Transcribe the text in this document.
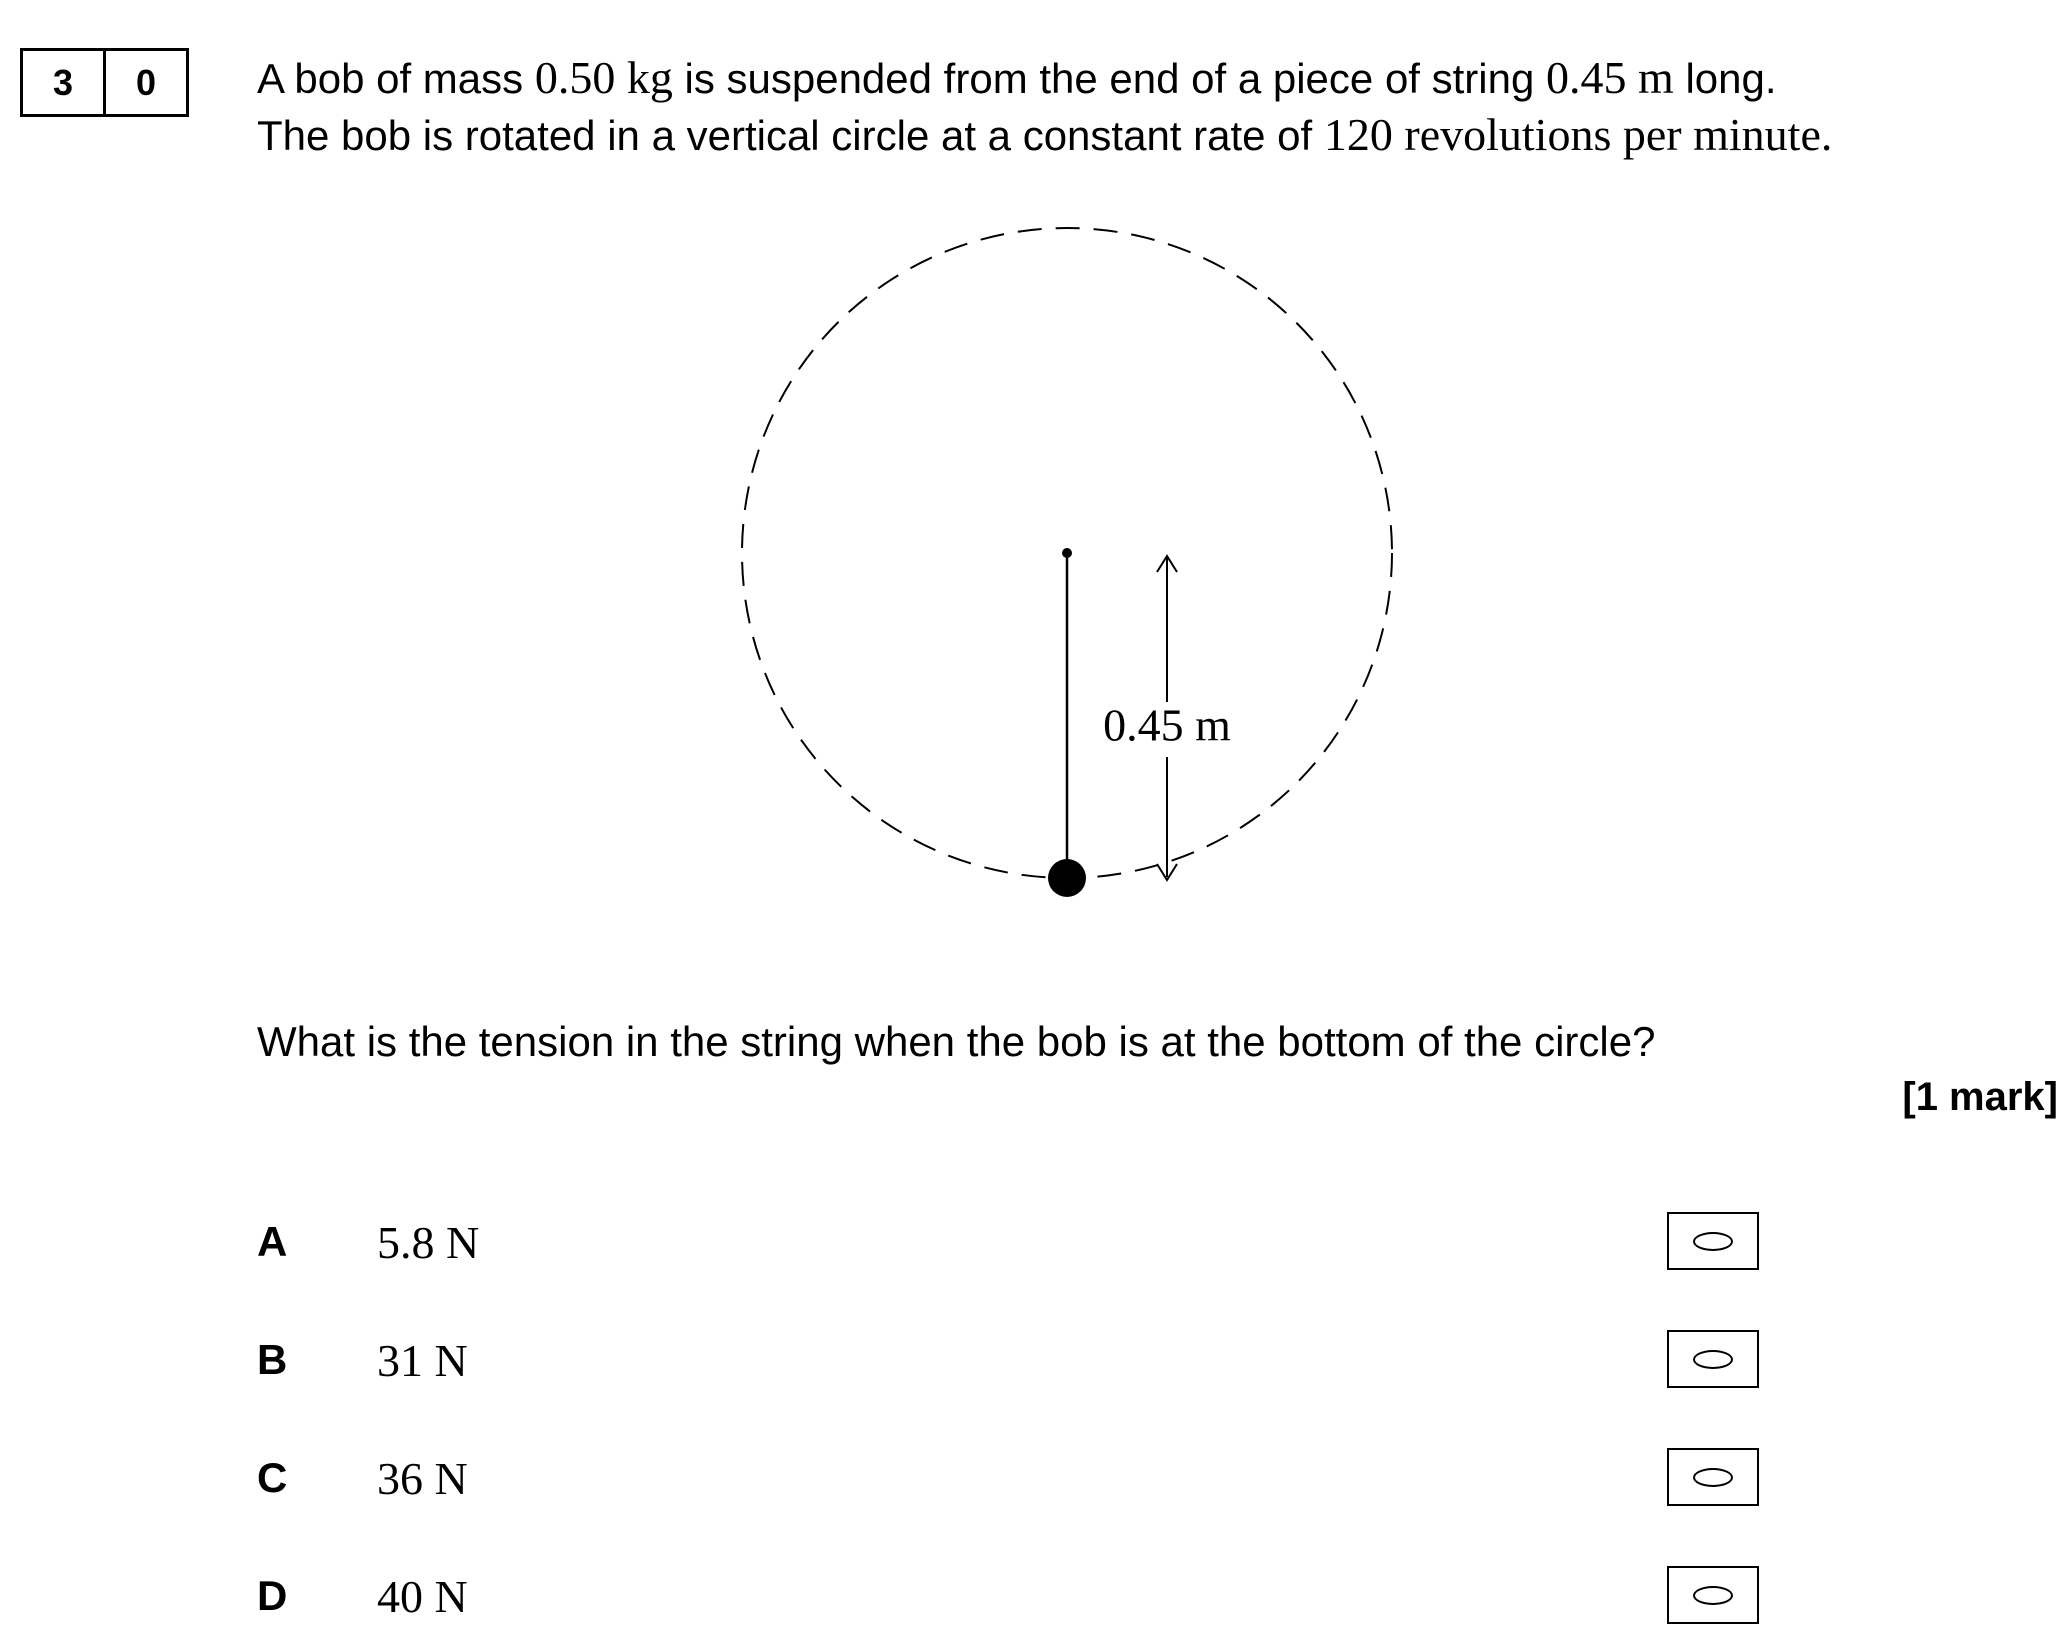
3	0	A bob of mass 0.50 kg is suspended from the end of a piece of string 0.45 m long.
The bob is rotated in a vertical circle at a constant rate of 120 revolutions per minute.
0.45 m
What is the tension in the string when the bob is at the bottom of the circle?
[1 mark]
A	5.8 N
B	31 N
C	36 N
D	40 N
